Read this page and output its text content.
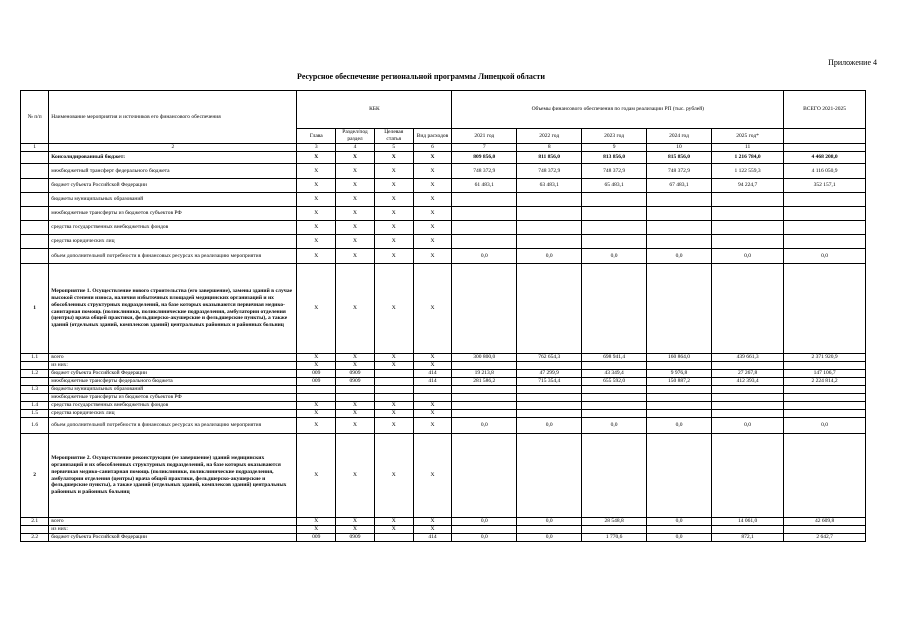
Приложение 4
Ресурсное обеспечение региональной программы Липецкой области
№ п/п	Наименование мероприятия и источников его финансового обеспечения	КБК				Объемы финансового обеспечения по годам реализации РП (тыс. рублей)					ВСЕГО 2021-2025
		Глава	Раздел/под раздел	Целевая статья	Вид расходов	2021 год	2022 год	2023 год	2024 год	2025 год*	
1	2	3	4	5	6	7	8	9	10	11	
	Консолидированный бюджет:	X	X	X	X	809 856,0	811 856,0	813 856,0	815 856,0	1 216 784,0	4 468 208,0
	межбюджетный трансферт федерального бюджета	X	X	X	X	748 372,9	748 372,9	748 372,9	748 372,9	1 122 559,3	4 116 050,9
	бюджет субъекта Российской Федерации	X	X	X	X	61 483,1	63 483,1	65 483,1	67 483,1	94 224,7	352 157,1
	бюджеты муниципальных образований	X	X	X	X						
	межбюджетные трансферты из бюджетов субъектов РФ	X	X	X	X						
	средства государственных внебюджетных фондов	X	X	X	X						
	средства юридических лиц	X	X	X	X						
	объем дополнительной потребности в финансовых ресурсах на реализацию мероприятия	X	X	X	X	0,0	0,0	0,0	0,0	0,0	0,0
1	Мероприятие 1. Осуществление нового строительства (его завершение), замены зданий в случае высокой степени износа, наличия избыточных площадей медицинских организаций и их обособленных структурных подразделений, на базе которых оказываются первичная медико-санитарная помощь (поликлиники, поликлинические подразделения, амбулатории отделения (центры) врача общей практики, фельдшерско-акушерские и фельдшерские пункты), а также зданий (отдельных зданий, комплексов зданий) центральных районных и районных больниц	X	X	X	X						
1.1	всего	X	X	X	X	300 800,0	762 654,3	698 941,4	160 864,0	439 661,3	2 371 920,9
	из них:	X	X	X	X						
1.2	бюджет субъекта Российской Федерации	009	0909		414	19 213,8	47 299,9	43 349,4	9 976,8	27 267,8	147 106,7
	межбюджетные трансферты федерального бюджета	009	0909		414	281 586,2	715 354,4	655 592,0	150 887,2	412 393,4	2 224 814,2
1.3	бюджеты муниципальных образований										
	межбюджетные трансферты из бюджетов субъектов РФ										
1.4	средства государственных внебюджетных фондов	X	X	X	X						
1.5	средства юридических лиц	X	X	X	X						
1.6	объем дополнительной потребности в финансовых ресурсах на реализацию мероприятия	X	X	X	X	0,0	0,0	0,0	0,0	0,0	0,0
2	Мероприятие 2. Осуществление реконструкции (ее завершение) зданий медицинских организаций и их обособленных структурных подразделений, на базе которых оказываются первичная медико-санитарная помощь (поликлиники, поликлинические подразделения, амбулатории отделения (центры) врача общей практики, фельдшерско-акушерские и фельдшерские пункты), а также зданий (отдельных зданий, комплексов зданий) центральных районных и районных больниц	X	X	X	X						
2.1	всего	X	X	X	X	0,0	0,0	28 548,8	0,0	14 061,0	42 609,8
	из них:	X	X	X	X						
2.2	бюджет субъекта Российской Федерации	009	0909		414	0,0	0,0	1 770,6	0,0	872,1	2 642,7
